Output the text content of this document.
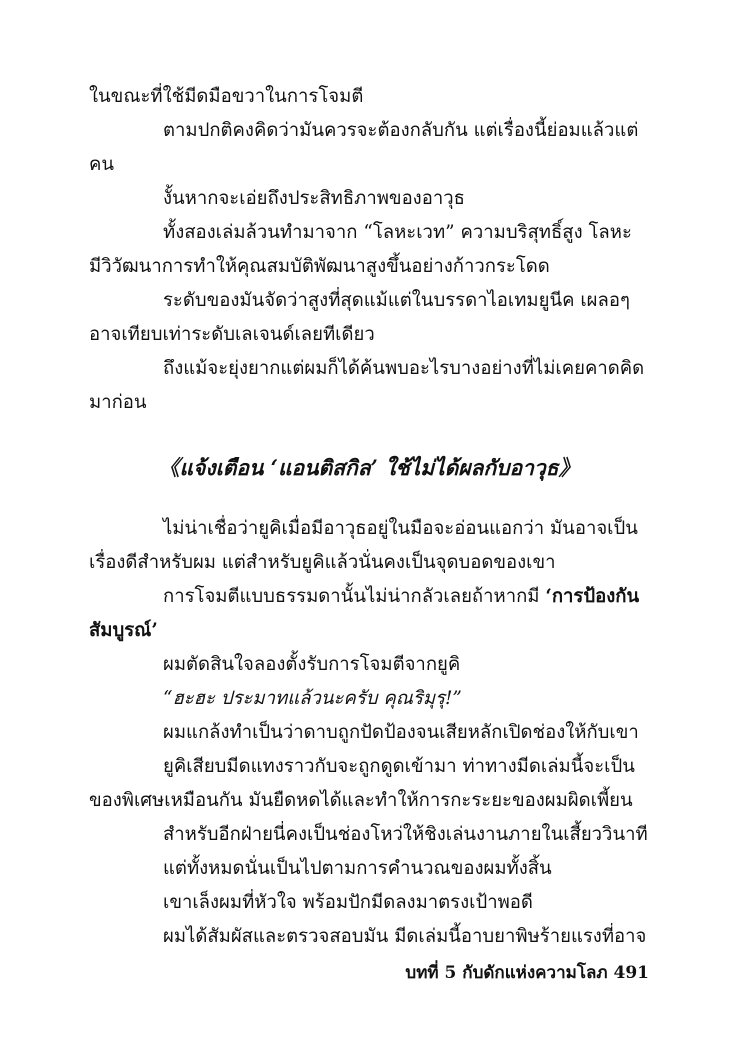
ในขณะที่ใช้มีดมือขวาในการโจมตี
ตามปกติคงคิดว่ามันควรจะต้องกลับกัน แต่เรื่องนี้ย่อมแล้วแต่
คน
งั้นหากจะเอ่ยถึงประสิทธิภาพของอาวุธ
ทั้งสองเล่มล้วนทำมาจาก “โลหะเวท” ความบริสุทธิ์สูง โลหะ
มีวิวัฒนาการทำให้คุณสมบัติพัฒนาสูงขึ้นอย่างก้าวกระโดด
ระดับของมันจัดว่าสูงที่สุดแม้แต่ในบรรดาไอเทมยูนีค เผลอๆ
อาจเทียบเท่าระดับเลเจนด์เลยทีเดียว
ถึงแม้จะยุ่งยากแต่ผมก็ได้ค้นพบอะไรบางอย่างที่ไม่เคยคาดคิด
มาก่อน
《แจ้งเตือน ‘แอนติสกิล’ ใช้ไม่ได้ผลกับอาวุธ》
ไม่น่าเชื่อว่ายูคิเมื่อมีอาวุธอยู่ในมือจะอ่อนแอกว่า มันอาจเป็น
เรื่องดีสำหรับผม แต่สำหรับยูคิแล้วนั่นคงเป็นจุดบอดของเขา
การโจมตีแบบธรรมดานั้นไม่น่ากลัวเลยถ้าหากมี ‘การป้องกัน
สัมบูรณ์’
ผมตัดสินใจลองตั้งรับการโจมตีจากยูคิ
“ฮะฮะ ประมาทแล้วนะครับ คุณริมุรุ!”
ผมแกล้งทำเป็นว่าดาบถูกปัดป้องจนเสียหลักเปิดช่องให้กับเขา
ยูคิเสียบมีดแทงราวกับจะถูกดูดเข้ามา ท่าทางมีดเล่มนี้จะเป็น
ของพิเศษเหมือนกัน มันยืดหดได้และทำให้การกะระยะของผมผิดเพี้ยน
สำหรับอีกฝ่ายนี่คงเป็นช่องโหว่ให้ชิงเล่นงานภายในเสี้ยววินาที
แต่ทั้งหมดนั่นเป็นไปตามการคำนวณของผมทั้งสิ้น
เขาเล็งผมที่หัวใจ พร้อมปักมีดลงมาตรงเป้าพอดี
ผมได้สัมผัสและตรวจสอบมัน มีดเล่มนี้อาบยาพิษร้ายแรงที่อาจ
บทที่ 5 กับดักแห่งความโลภ 491
